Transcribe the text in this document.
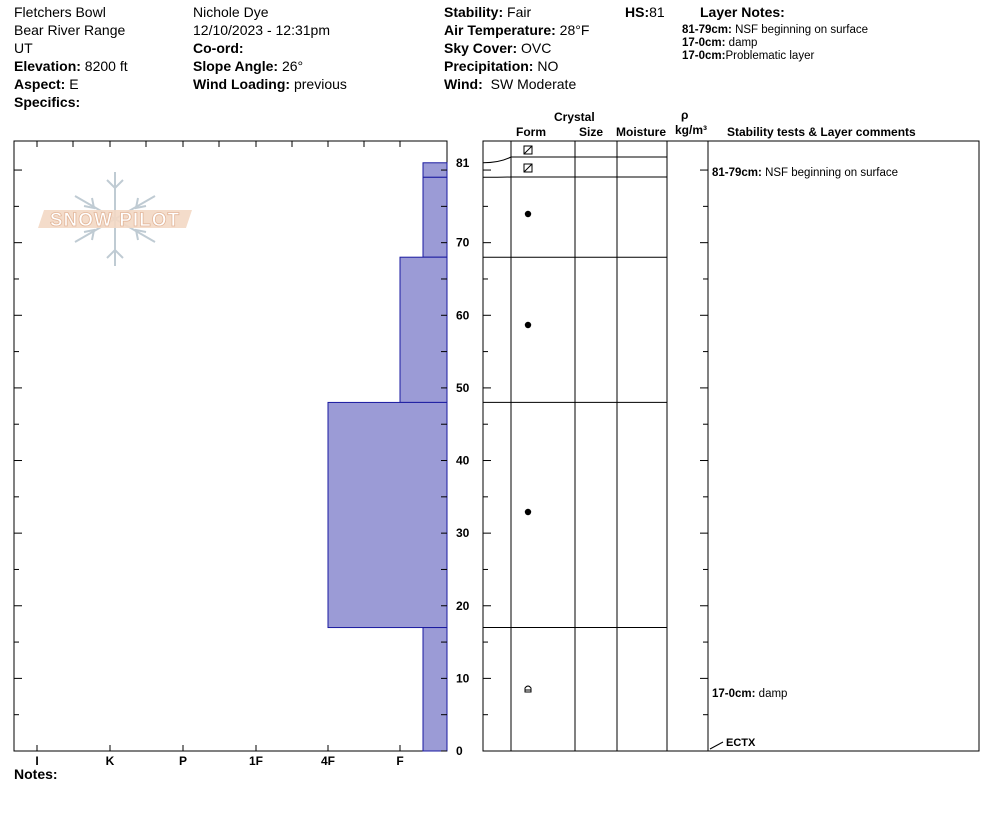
Fletchers Bowl
Bear River Range
UT
Elevation: 8200 ft
Aspect: E
Specifics:
Nichole Dye
12/10/2023 - 12:31pm
Co-ord:
Slope Angle: 26°
Wind Loading: previous
Stability: Fair
Air Temperature: 28°F
Sky Cover: OVC
Precipitation: NO
Wind: SW Moderate
HS:81	Layer Notes:
81-79cm: NSF beginning on surface
17-0cm: damp
17-0cm:Problematic layer
Crystal
Form	Size Moisture
ρ
kg/m³ Stability tests & Layer comments
I	K	P	1F	4F	F
0
10
20
30
40
50
60
70
81
SNOW PILOT
81-79cm: NSF beginning on surface
17-0cm: damp
ECTX
Notes:
